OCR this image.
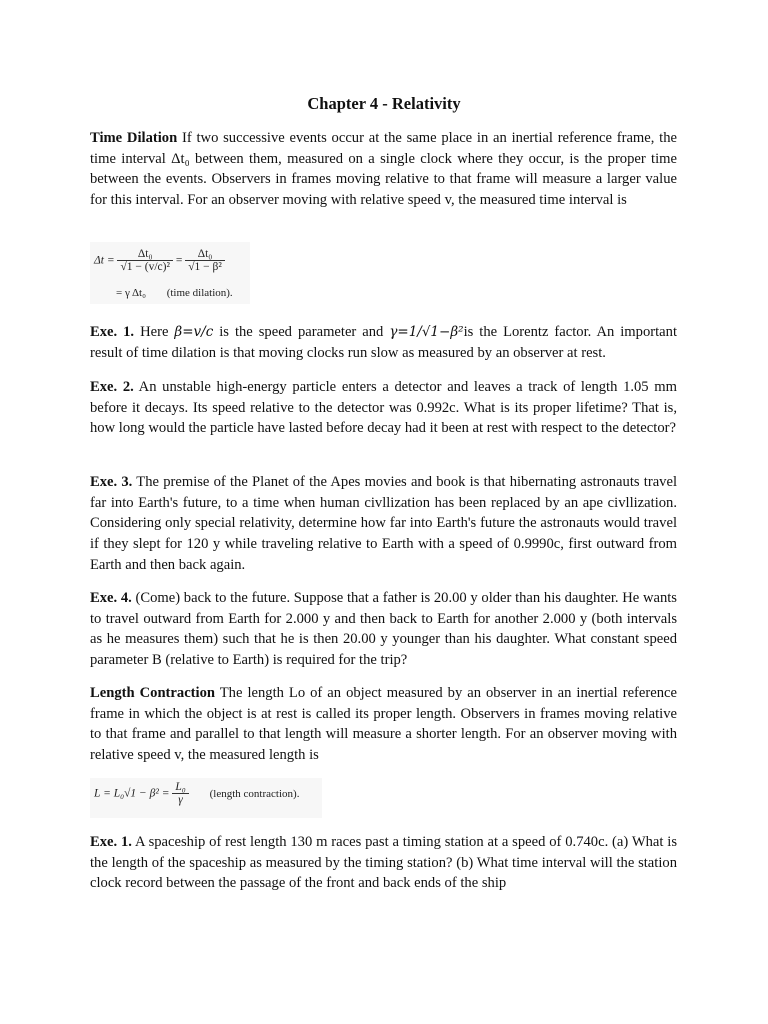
Chapter 4 - Relativity

Time Dilation If two successive events occur at the same place in an inertial reference frame, the time interval Δt₀ between them, measured on a single clock where they occur, is the proper time between the events. Observers in frames moving relative to that frame will measure a larger value for this interval. For an observer moving with relative speed v, the measured time interval is

$\Delta t = \frac{\text{Δt₀}}{\text{√1 − (v/c)²}} = \frac{\text{Δt₀}}{\text{√1 − β²}}$
= γ Δt₀ (time dilation).

Exe. 1. Here β=v/c is the speed parameter and γ=1/√1−β²is the Lorentz factor. An important result of time dilation is that moving clocks run slow as measured by an observer at rest.

Exe. 2. An unstable high-energy particle enters a detector and leaves a track of length 1.05 mm before it decays. Its speed relative to the detector was 0.992c. What is its proper lifetime? That is, how long would the particle have lasted before decay had it been at rest with respect to the detector?

Exe. 3. The premise of the Planet of the Apes movies and book is that hibernating astronauts travel far into Earth's future, to a time when human civllization has been replaced by an ape civllization. Considering only special relativity, determine how far into Earth's future the astronauts would travel if they slept for 120 y while traveling relative to Earth with a speed of 0.9990c, first outward from Earth and then back again.

Exe. 4. (Come) back to the future. Suppose that a father is 20.00 y older than his daughter. He wants to travel outward from Earth for 2.000 y and then back to Earth for another 2.000 y (both intervals as he measures them) such that he is then 20.00 y younger than his daughter. What constant speed parameter B (relative to Earth) is required for the trip?

Length Contraction The length Lo of an object measured by an observer in an inertial reference frame in which the object is at rest is called its proper length. Observers in frames moving relative to that frame and parallel to that length will measure a shorter length. For an observer moving with relative speed v, the measured length is

$L = L_0√1 - \beta^2 = \frac{\text{L₀}}{\gamma}$ (length contraction).

Exe. 1. A spaceship of rest length 130 m races past a timing station at a speed of 0.740c. (a) What is the length of the spaceship as measured by the timing station? (b) What time interval will the station clock record between the passage of the front and back ends of the ship
